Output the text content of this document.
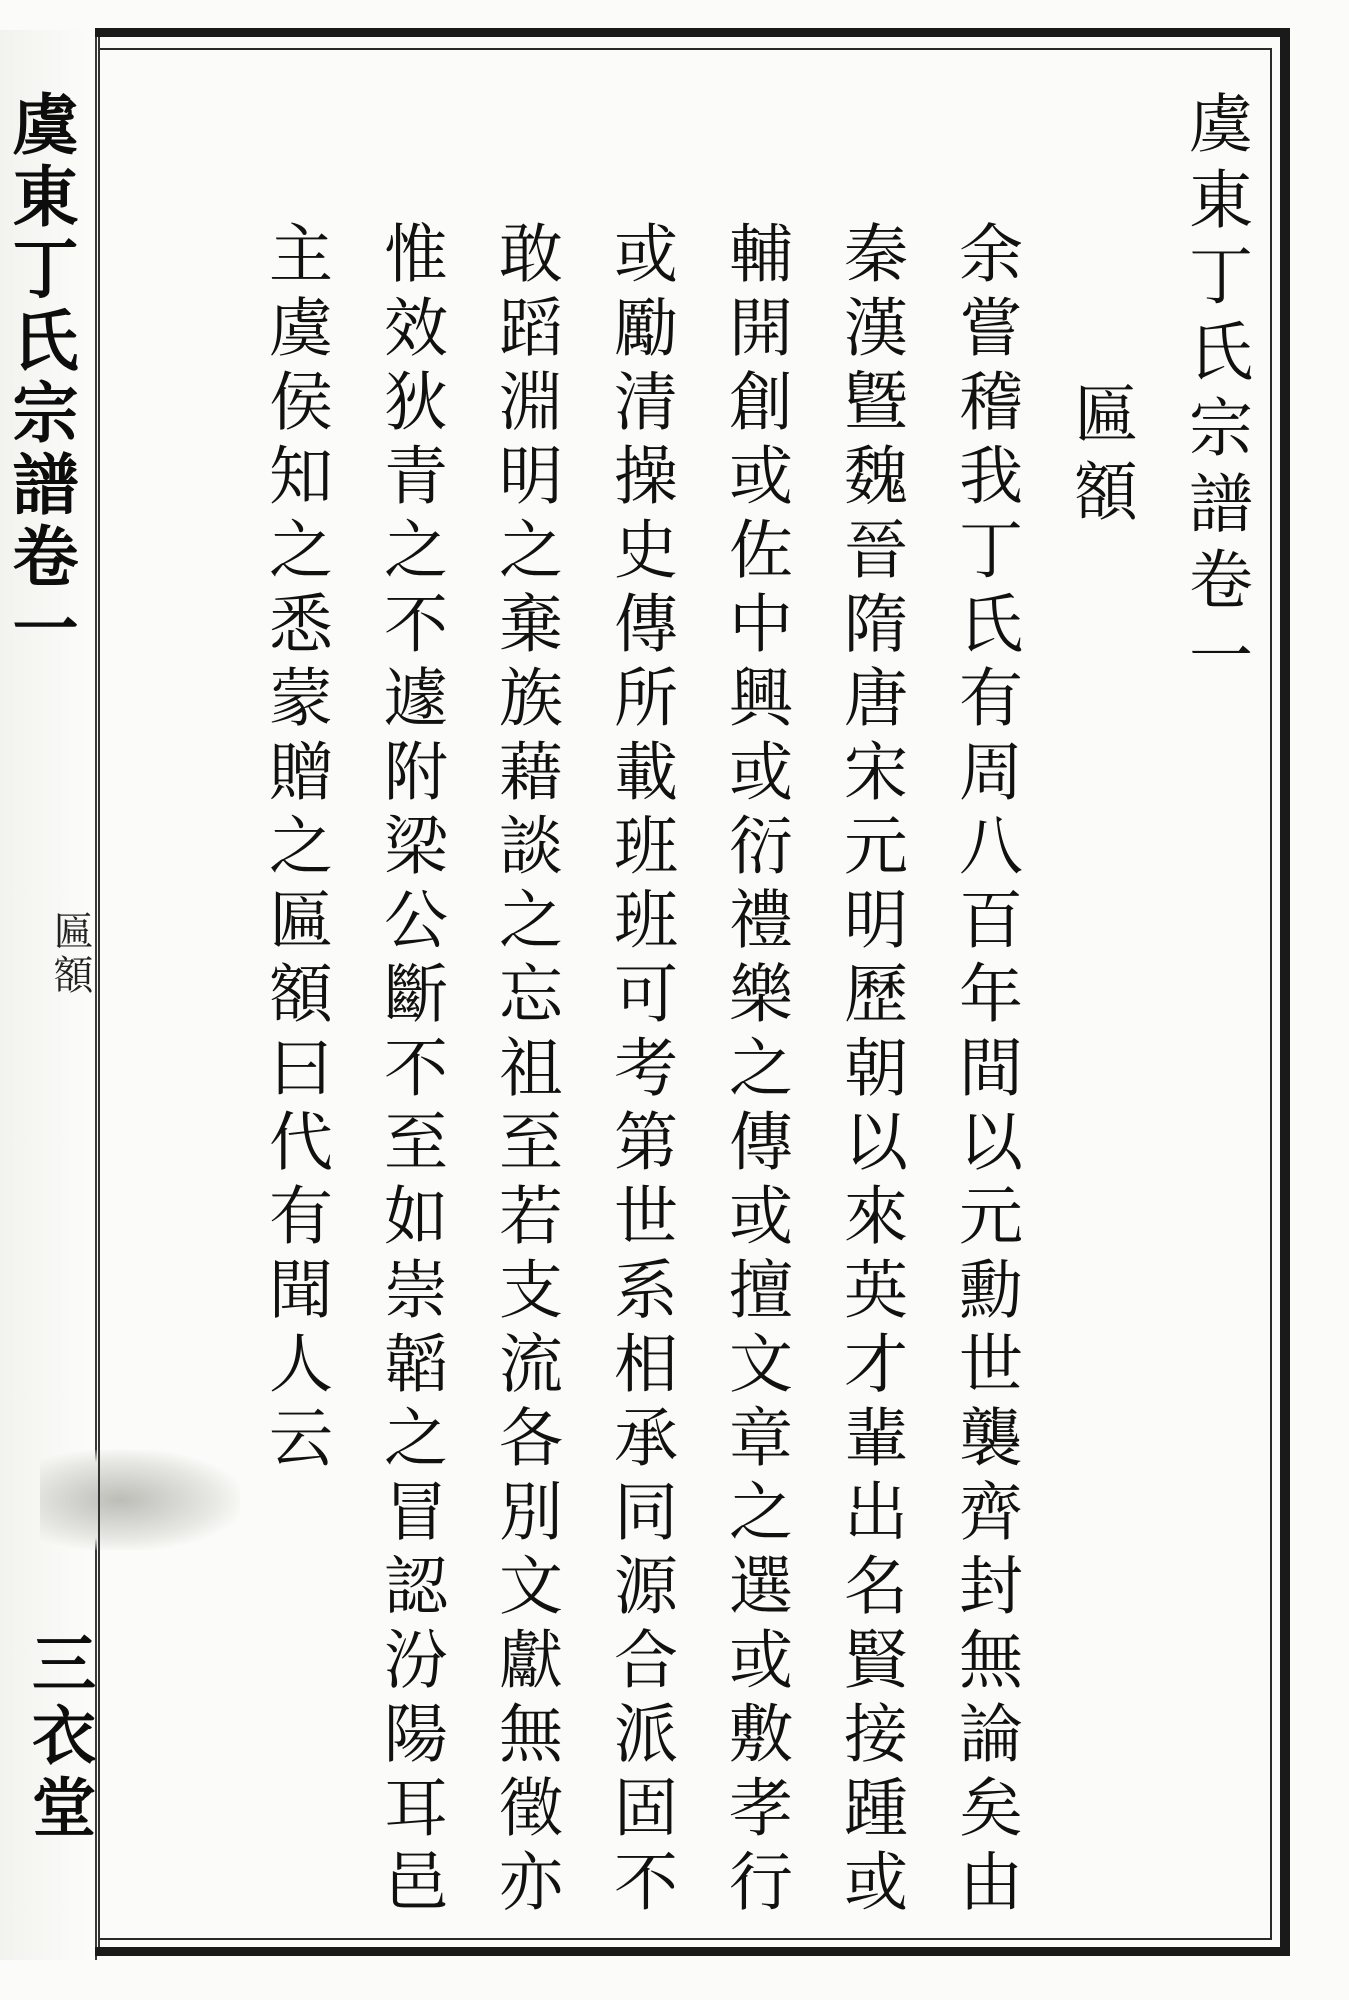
虞東丁氏宗譜卷一
匾額
三衣堂
虞東丁氏宗譜卷一
匾額
余嘗稽我丁氏有周八百年間以元勳世襲齊封無論矣由
秦漢曁魏晉隋唐宋元明歷朝以來英才輩出名賢接踵或
輔開創或佐中興或衍禮樂之傳或擅文章之選或敷孝行
或勵清操史傳所載班班可考第世系相承同源合派固不
敢蹈淵明之棄族藉談之忘祖至若支流各別文獻無徵亦
惟效狄青之不遽附梁公斷不至如崇韜之冒認汾陽耳邑
主虞侯知之悉蒙贈之匾額曰代有聞人云
